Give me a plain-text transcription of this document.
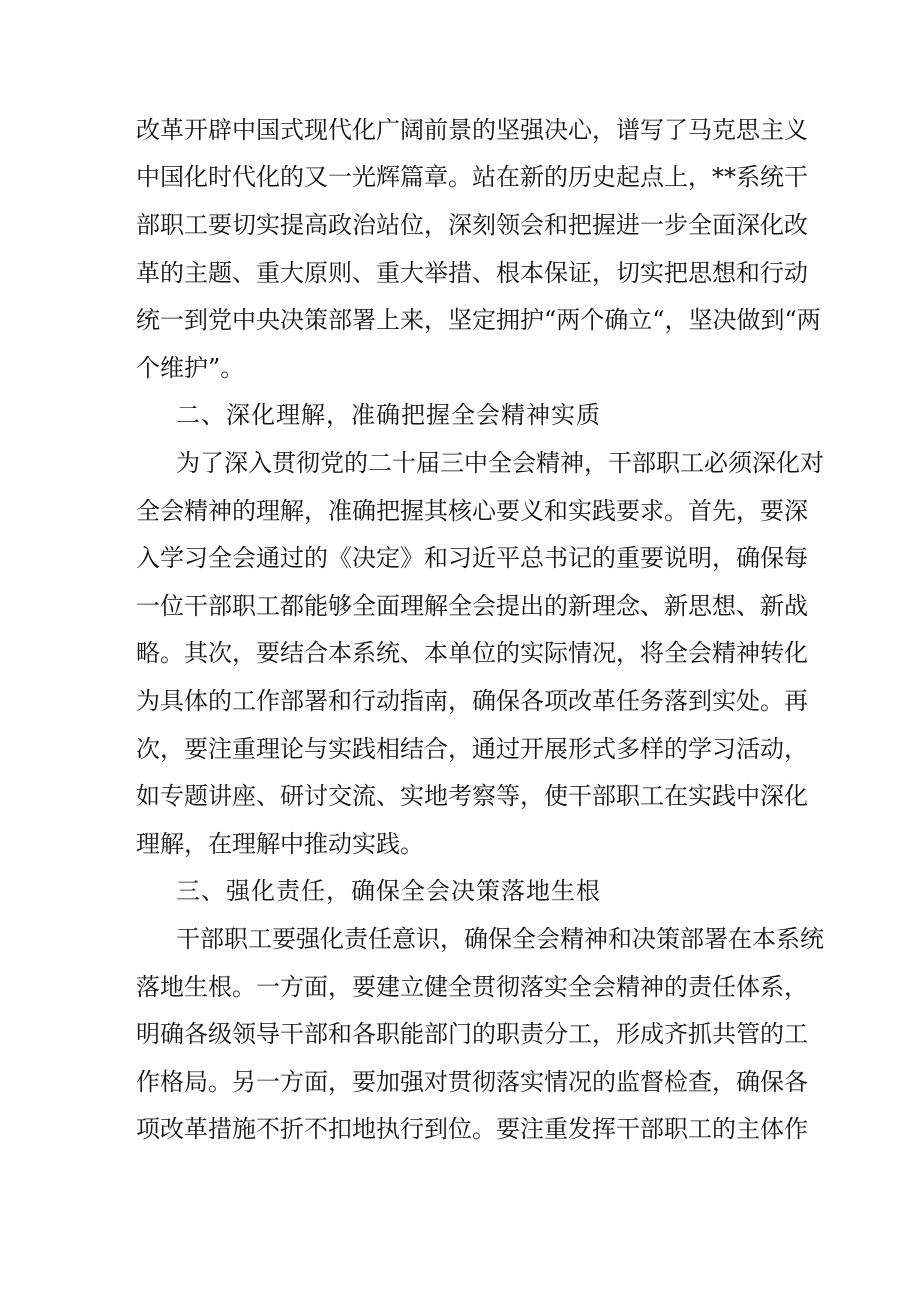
改革开辟中国式现代化广阔前景的坚强决心，谱写了马克思主义
中国化时代化的又一光辉篇章。站在新的历史起点上，**系统干
部职工要切实提高政治站位，深刻领会和把握进一步全面深化改
革的主题、重大原则、重大举措、根本保证，切实把思想和行动
统一到党中央决策部署上来，坚定拥护“两个确立“，坚决做到“两
个维护”。
二、深化理解，准确把握全会精神实质
为了深入贯彻党的二十届三中全会精神，干部职工必须深化对
全会精神的理解，准确把握其核心要义和实践要求。首先，要深
入学习全会通过的《决定》和习近平总书记的重要说明，确保每
一位干部职工都能够全面理解全会提出的新理念、新思想、新战
略。其次，要结合本系统、本单位的实际情况，将全会精神转化
为具体的工作部署和行动指南，确保各项改革任务落到实处。再
次，要注重理论与实践相结合，通过开展形式多样的学习活动，
如专题讲座、研讨交流、实地考察等，使干部职工在实践中深化
理解，在理解中推动实践。
三、强化责任，确保全会决策落地生根
干部职工要强化责任意识，确保全会精神和决策部署在本系统
落地生根。一方面，要建立健全贯彻落实全会精神的责任体系，
明确各级领导干部和各职能部门的职责分工，形成齐抓共管的工
作格局。另一方面，要加强对贯彻落实情况的监督检查，确保各
项改革措施不折不扣地执行到位。要注重发挥干部职工的主体作
